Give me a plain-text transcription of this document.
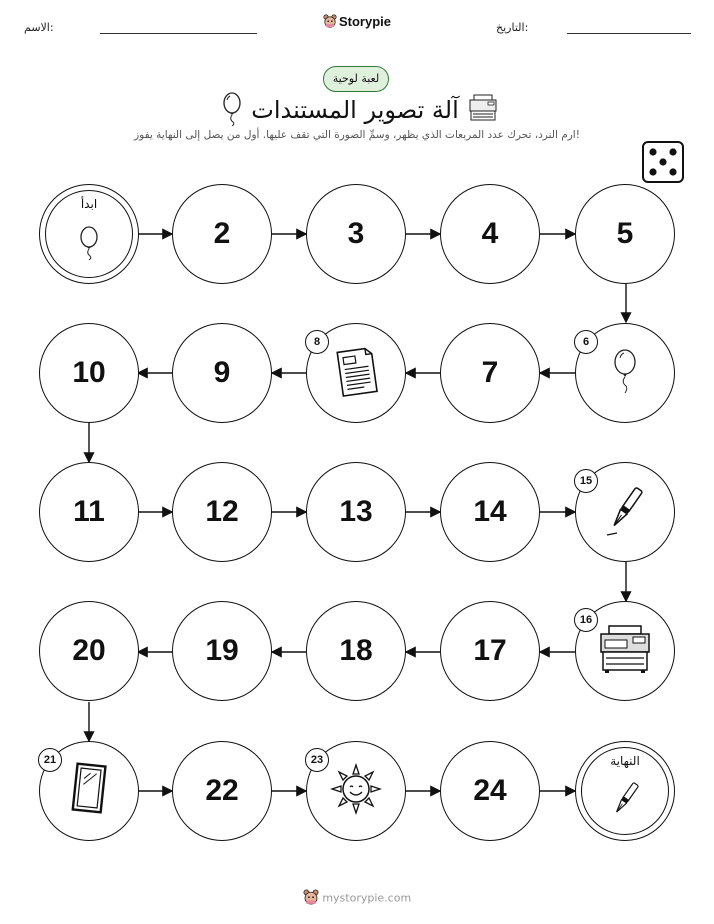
الاسم:	Storypie	التاريخ:
لعبة لوحية
آلة تصوير المستندات
ارم النرد، تحرك عدد المربعات الذي يظهر، وسمِّ الصورة التي تقف عليها. أول من يصل إلى النهاية يفوز!
ابدأ
2	3	4	5
10	9
8
7
6
11	12	13	14
15
20	19	18	17
16
21
22
23
24
النهاية
mystorypie.com
